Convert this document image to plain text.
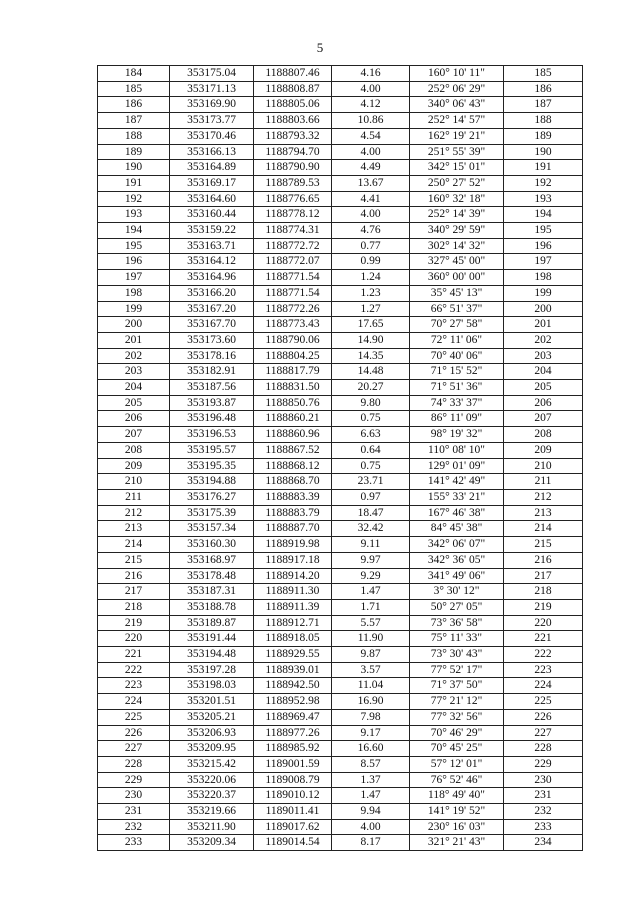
5
184	353175.04	1188807.46	4.16	160° 10' 11"	185
185	353171.13	1188808.87	4.00	252° 06' 29"	186
186	353169.90	1188805.06	4.12	340° 06' 43"	187
187	353173.77	1188803.66	10.86	252° 14' 57"	188
188	353170.46	1188793.32	4.54	162° 19' 21"	189
189	353166.13	1188794.70	4.00	251° 55' 39"	190
190	353164.89	1188790.90	4.49	342° 15' 01"	191
191	353169.17	1188789.53	13.67	250° 27' 52"	192
192	353164.60	1188776.65	4.41	160° 32' 18"	193
193	353160.44	1188778.12	4.00	252° 14' 39"	194
194	353159.22	1188774.31	4.76	340° 29' 59"	195
195	353163.71	1188772.72	0.77	302° 14' 32"	196
196	353164.12	1188772.07	0.99	327° 45' 00"	197
197	353164.96	1188771.54	1.24	360° 00' 00"	198
198	353166.20	1188771.54	1.23	35° 45' 13"	199
199	353167.20	1188772.26	1.27	66° 51' 37"	200
200	353167.70	1188773.43	17.65	70° 27' 58"	201
201	353173.60	1188790.06	14.90	72° 11' 06"	202
202	353178.16	1188804.25	14.35	70° 40' 06"	203
203	353182.91	1188817.79	14.48	71° 15' 52"	204
204	353187.56	1188831.50	20.27	71° 51' 36"	205
205	353193.87	1188850.76	9.80	74° 33' 37"	206
206	353196.48	1188860.21	0.75	86° 11' 09"	207
207	353196.53	1188860.96	6.63	98° 19' 32"	208
208	353195.57	1188867.52	0.64	110° 08' 10"	209
209	353195.35	1188868.12	0.75	129° 01' 09"	210
210	353194.88	1188868.70	23.71	141° 42' 49"	211
211	353176.27	1188883.39	0.97	155° 33' 21"	212
212	353175.39	1188883.79	18.47	167° 46' 38"	213
213	353157.34	1188887.70	32.42	84° 45' 38"	214
214	353160.30	1188919.98	9.11	342° 06' 07"	215
215	353168.97	1188917.18	9.97	342° 36' 05"	216
216	353178.48	1188914.20	9.29	341° 49' 06"	217
217	353187.31	1188911.30	1.47	3° 30' 12"	218
218	353188.78	1188911.39	1.71	50° 27' 05"	219
219	353189.87	1188912.71	5.57	73° 36' 58"	220
220	353191.44	1188918.05	11.90	75° 11' 33"	221
221	353194.48	1188929.55	9.87	73° 30' 43"	222
222	353197.28	1188939.01	3.57	77° 52' 17"	223
223	353198.03	1188942.50	11.04	71° 37' 50"	224
224	353201.51	1188952.98	16.90	77° 21' 12"	225
225	353205.21	1188969.47	7.98	77° 32' 56"	226
226	353206.93	1188977.26	9.17	70° 46' 29"	227
227	353209.95	1188985.92	16.60	70° 45' 25"	228
228	353215.42	1189001.59	8.57	57° 12' 01"	229
229	353220.06	1189008.79	1.37	76° 52' 46"	230
230	353220.37	1189010.12	1.47	118° 49' 40"	231
231	353219.66	1189011.41	9.94	141° 19' 52"	232
232	353211.90	1189017.62	4.00	230° 16' 03"	233
233	353209.34	1189014.54	8.17	321° 21' 43"	234
